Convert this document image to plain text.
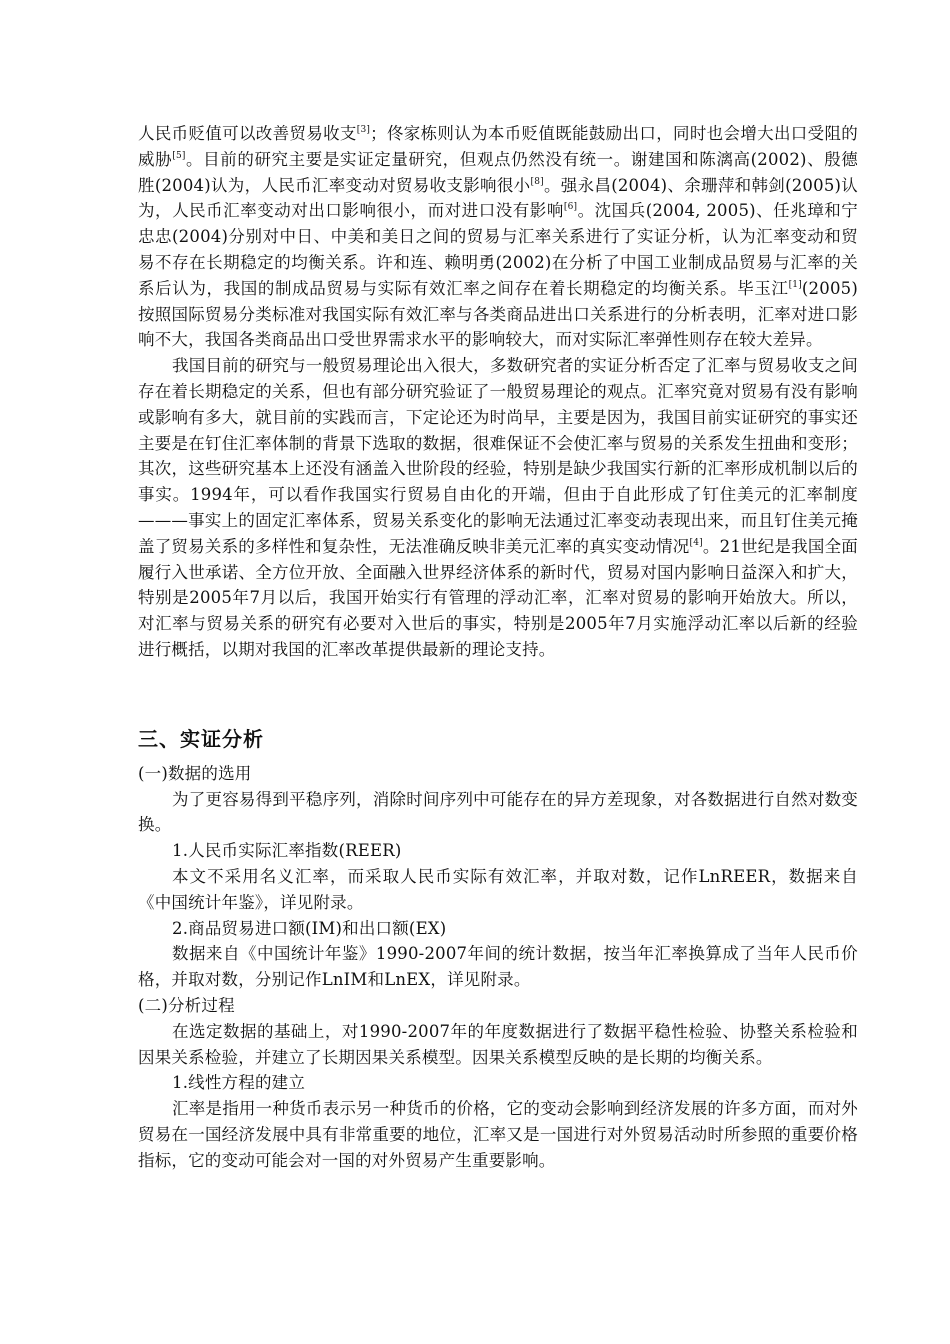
人民币贬值可以改善贸易收支[3]；佟家栋则认为本币贬值既能鼓励出口，同时也会增大出口受阻的威胁[5]。目前的研究主要是实证定量研究，但观点仍然没有统一。谢建国和陈漓高(2002)、殷德胜(2004)认为，人民币汇率变动对贸易收支影响很小[8]。强永昌(2004)、余珊萍和韩剑(2005)认为，人民币汇率变动对出口影响很小，而对进口没有影响[6]。沈国兵(2004, 2005)、任兆璋和宁忠忠(2004)分别对中日、中美和美日之间的贸易与汇率关系进行了实证分析，认为汇率变动和贸易不存在长期稳定的均衡关系。许和连、赖明勇(2002)在分析了中国工业制成品贸易与汇率的关系后认为，我国的制成品贸易与实际有效汇率之间存在着长期稳定的均衡关系。毕玉江[1](2005)按照国际贸易分类标准对我国实际有效汇率与各类商品进出口关系进行的分析表明，汇率对进口影响不大，我国各类商品出口受世界需求水平的影响较大，而对实际汇率弹性则存在较大差异。

我国目前的研究与一般贸易理论出入很大，多数研究者的实证分析否定了汇率与贸易收支之间存在着长期稳定的关系，但也有部分研究验证了一般贸易理论的观点。汇率究竟对贸易有没有影响或影响有多大，就目前的实践而言，下定论还为时尚早，主要是因为，我国目前实证研究的事实还主要是在钉住汇率体制的背景下选取的数据，很难保证不会使汇率与贸易的关系发生扭曲和变形；其次，这些研究基本上还没有涵盖入世阶段的经验，特别是缺少我国实行新的汇率形成机制以后的事实。1994年，可以看作我国实行贸易自由化的开端，但由于自此形成了钉住美元的汇率制度———事实上的固定汇率体系，贸易关系变化的影响无法通过汇率变动表现出来，而且钉住美元掩盖了贸易关系的多样性和复杂性，无法准确反映非美元汇率的真实变动情况[4]。21世纪是我国全面履行入世承诺、全方位开放、全面融入世界经济体系的新时代，贸易对国内影响日益深入和扩大，特别是2005年7月以后，我国开始实行有管理的浮动汇率，汇率对贸易的影响开始放大。所以，对汇率与贸易关系的研究有必要对入世后的事实，特别是2005年7月实施浮动汇率以后新的经验进行概括，以期对我国的汇率改革提供最新的理论支持。

三、实证分析

(一)数据的选用

为了更容易得到平稳序列，消除时间序列中可能存在的异方差现象，对各数据进行自然对数变换。

1.人民币实际汇率指数(REER)

本文不采用名义汇率，而采取人民币实际有效汇率，并取对数，记作LnREER，数据来自《中国统计年鉴》，详见附录。

2.商品贸易进口额(IM)和出口额(EX)

数据来自《中国统计年鉴》1990-2007年间的统计数据，按当年汇率换算成了当年人民币价格，并取对数，分别记作LnIM和LnEX，详见附录。

(二)分析过程

在选定数据的基础上，对1990-2007年的年度数据进行了数据平稳性检验、协整关系检验和因果关系检验，并建立了长期因果关系模型。因果关系模型反映的是长期的均衡关系。

1.线性方程的建立

汇率是指用一种货币表示另一种货币的价格，它的变动会影响到经济发展的许多方面，而对外贸易在一国经济发展中具有非常重要的地位，汇率又是一国进行对外贸易活动时所参照的重要价格指标，它的变动可能会对一国的对外贸易产生重要影响。
